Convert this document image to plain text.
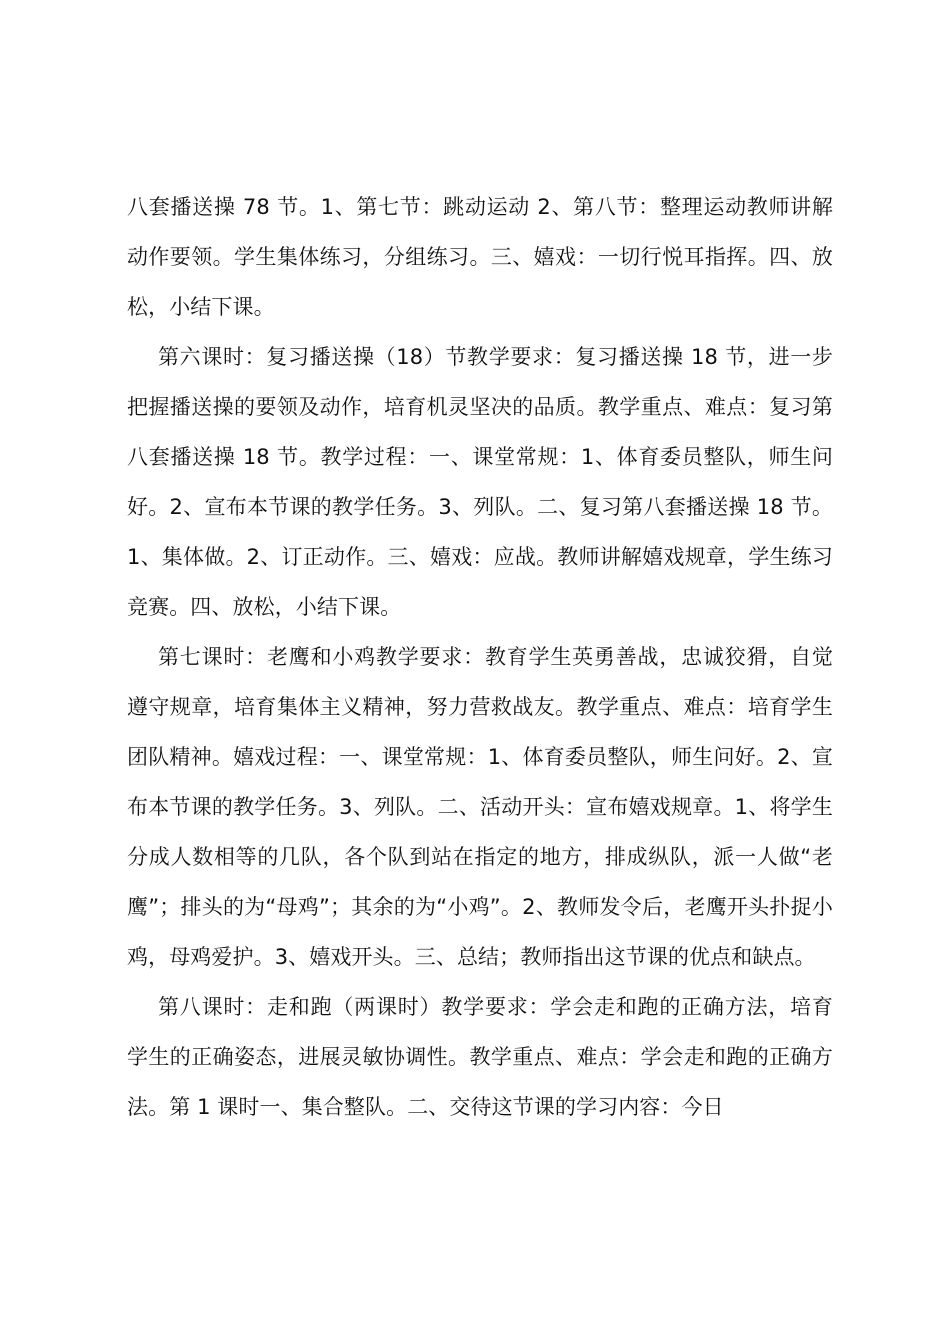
八套播送操 78 节。1、第七节：跳动运动 2、第八节：整理运动教师讲解动作要领。学生集体练习，分组练习。三、嬉戏：一切行悦耳指挥。四、放松，小结下课。

第六课时：复习播送操（18）节教学要求：复习播送操 18 节，进一步把握播送操的要领及动作，培育机灵坚决的品质。教学重点、难点：复习第八套播送操 18 节。教学过程：一、课堂常规：1、体育委员整队，师生问好。2、宣布本节课的教学任务。3、列队。二、复习第八套播送操 18 节。1、集体做。2、订正动作。三、嬉戏：应战。教师讲解嬉戏规章，学生练习竞赛。四、放松，小结下课。

第七课时：老鹰和小鸡教学要求：教育学生英勇善战，忠诚狡猾，自觉遵守规章，培育集体主义精神，努力营救战友。教学重点、难点：培育学生团队精神。嬉戏过程：一、课堂常规：1、体育委员整队，师生问好。2、宣布本节课的教学任务。3、列队。二、活动开头：宣布嬉戏规章。1、将学生分成人数相等的几队，各个队到站在指定的地方，排成纵队，派一人做“老鹰”；排头的为“母鸡”；其余的为“小鸡”。2、教师发令后，老鹰开头扑捉小鸡，母鸡爱护。3、嬉戏开头。三、总结；教师指出这节课的优点和缺点。

第八课时：走和跑（两课时）教学要求：学会走和跑的正确方法，培育学生的正确姿态，进展灵敏协调性。教学重点、难点：学会走和跑的正确方法。第 1 课时一、集合整队。二、交待这节课的学习内容：今日
